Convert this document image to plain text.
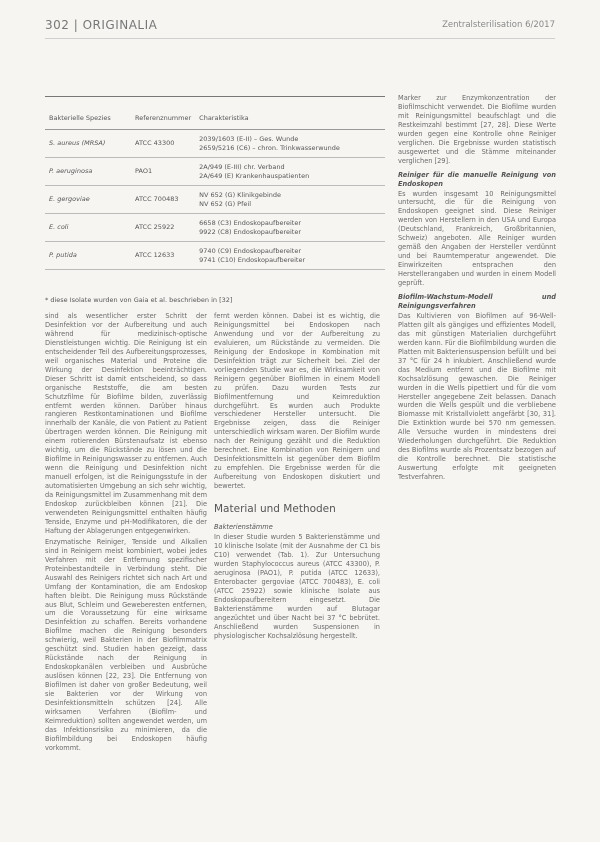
302 | ORIGINALIA	Zentralsterilisation 6/2017
Bakterielle Spezies	Referenznummer	Charakteristika
S. aureus (MRSA)	ATCC 43300	2039/1603 (E-II) – Ges. Wunde
2659/5216 (C6) – chron. Trinkwasserwunde

P. aeruginosa	PAO1	2A/949 (E-III) chr. Verband
2A/649 (E) Krankenhauspatienten

E. gergoviae	ATCC 700483	NV 652 (G) Klinikgebinde
NV 652 (G) Pfeil

E. coli	ATCC 25922	6658 (C3) Endoskopaufbereiter
9922 (C8) Endoskopaufbereiter

P. putida	ATCC 12633	9740 (C9) Endoskopaufbereiter
9741 (C10) Endoskopaufbereiter
* diese Isolate wurden von Gaia et al. beschrieben in [32]

sind als wesentlicher erster Schritt der Desinfektion vor der Aufbereitung und auch während für medizinisch-optische Dienstleistungen wichtig. Die Reinigung ist ein entscheidender Teil des Aufbereitungsprozesses, weil organisches Material und Proteine die Wirkung der Desinfektion beeinträchtigen. Dieser Schritt ist damit entscheidend, so dass organische Reststoffe, die am besten Schutzfilme für Biofilme bilden, zuverlässig entfernt werden können. Darüber hinaus rangieren Restkontaminationen und Biofilme innerhalb der Kanäle, die von Patient zu Patient übertragen werden können. Die Reinigung mit einem rotierenden Bürstenaufsatz ist ebenso wichtig, um die Rückstände zu lösen und die Biofilme in Reinigungswasser zu entfernen. Auch wenn die Reinigung und Desinfektion nicht manuell erfolgen, ist die Reinigungsstufe in der automatisierten Umgebung an sich sehr wichtig, da Reinigungsmittel im Zusammenhang mit dem Endoskop zurückbleiben können [21]. Die verwendeten Reinigungsmittel enthalten häufig Tenside, Enzyme und pH-Modifikatoren, die der Haftung der Ablagerungen entgegenwirken.

Enzymatische Reiniger, Tenside und Alkalien sind in Reinigern meist kombiniert, wobei jedes Verfahren mit der Entfernung spezifischer Proteinbestandteile in Verbindung steht. Die Auswahl des Reinigers richtet sich nach Art und Umfang der Kontamination, die am Endoskop haften bleibt. Die Reinigung muss Rückstände aus Blut, Schleim und Geweberesten entfernen, um die Voraussetzung für eine wirksame Desinfektion zu schaffen. Bereits vorhandene Biofilme machen die Reinigung besonders schwierig, weil Bakterien in der Biofilmmatrix geschützt sind. Studien haben gezeigt, dass Rückstände nach der Reinigung in Endoskopkanälen verbleiben und Ausbrüche auslösen können [22, 23]. Die Entfernung von Biofilmen ist daher von großer Bedeutung, weil sie Bakterien vor der Wirkung von Desinfektionsmitteln schützen [24]. Alle wirksamen Verfahren (Biofilm- und Keimreduktion) sollten angewendet werden, um das Infektionsrisiko zu minimieren, da die Biofilmbildung bei Endoskopen häufig vorkommt.

fernt werden können. Dabei ist es wichtig, die Reinigungsmittel bei Endoskopen nach Anwendung und vor der Aufbereitung zu evaluieren, um Rückstände zu vermeiden. Die Reinigung der Endoskope in Kombination mit Desinfektion trägt zur Sicherheit bei. Ziel der vorliegenden Studie war es, die Wirksamkeit von Reinigern gegenüber Biofilmen in einem Modell zu prüfen. Dazu wurden Tests zur Biofilmentfernung und Keimreduktion durchgeführt. Es wurden auch Produkte verschiedener Hersteller untersucht. Die Ergebnisse zeigen, dass die Reiniger unterschiedlich wirksam waren. Der Biofilm wurde nach der Reinigung gezählt und die Reduktion berechnet. Eine Kombination von Reinigern und Desinfektionsmitteln ist gegenüber dem Biofilm zu empfehlen. Die Ergebnisse werden für die Aufbereitung von Endoskopen diskutiert und bewertet.

Material und Methoden
Bakterienstämme

In dieser Studie wurden 5 Bakterienstämme und 10 klinische Isolate (mit der Ausnahme der C1 bis C10) verwendet (Tab. 1). Zur Untersuchung wurden Staphylococcus aureus (ATCC 43300), P. aeruginosa (PAO1), P. putida (ATCC 12633), Enterobacter gergoviae (ATCC 700483), E. coli (ATCC 25922) sowie klinische Isolate aus Endoskopaufbereitern eingesetzt. Die Bakterienstämme wurden auf Blutagar angezüchtet und über Nacht bei 37 °C bebrütet. Anschließend wurden Suspensionen in physiologischer Kochsalzlösung hergestellt.

Marker zur Enzymkonzentration der Biofilmschicht verwendet. Die Biofilme wurden mit Reinigungsmittel beaufschlagt und die Restkeimzahl bestimmt [27, 28]. Diese Werte wurden gegen eine Kontrolle ohne Reiniger verglichen. Die Ergebnisse wurden statistisch ausgewertet und die Stämme miteinander verglichen [29].

Reiniger für die manuelle Reinigung von Endoskopen

Es wurden insgesamt 10 Reinigungsmittel untersucht, die für die Reinigung von Endoskopen geeignet sind. Diese Reiniger werden von Herstellern in den USA und Europa (Deutschland, Frankreich, Großbritannien, Schweiz) angeboten. Alle Reiniger wurden gemäß den Angaben der Hersteller verdünnt und bei Raumtemperatur angewendet. Die Einwirkzeiten entsprachen den Herstellerangaben und wurden in einem Modell geprüft.

Biofilm-Wachstum-Modell und Reinigungsverfahren

Das Kultivieren von Biofilmen auf 96-Well-Platten gilt als gängiges und effizientes Modell, das mit günstigen Materialien durchgeführt werden kann. Für die Biofilmbildung wurden die Platten mit Bakteriensuspension befüllt und bei 37 °C für 24 h inkubiert. Anschließend wurde das Medium entfernt und die Biofilme mit Kochsalzlösung gewaschen. Die Reiniger wurden in die Wells pipettiert und für die vom Hersteller angegebene Zeit belassen. Danach wurden die Wells gespült und die verbliebene Biomasse mit Kristallviolett angefärbt [30, 31]. Die Extinktion wurde bei 570 nm gemessen. Alle Versuche wurden in mindestens drei Wiederholungen durchgeführt. Die Reduktion des Biofilms wurde als Prozentsatz bezogen auf die Kontrolle berechnet. Die statistische Auswertung erfolgte mit geeigneten Testverfahren.
